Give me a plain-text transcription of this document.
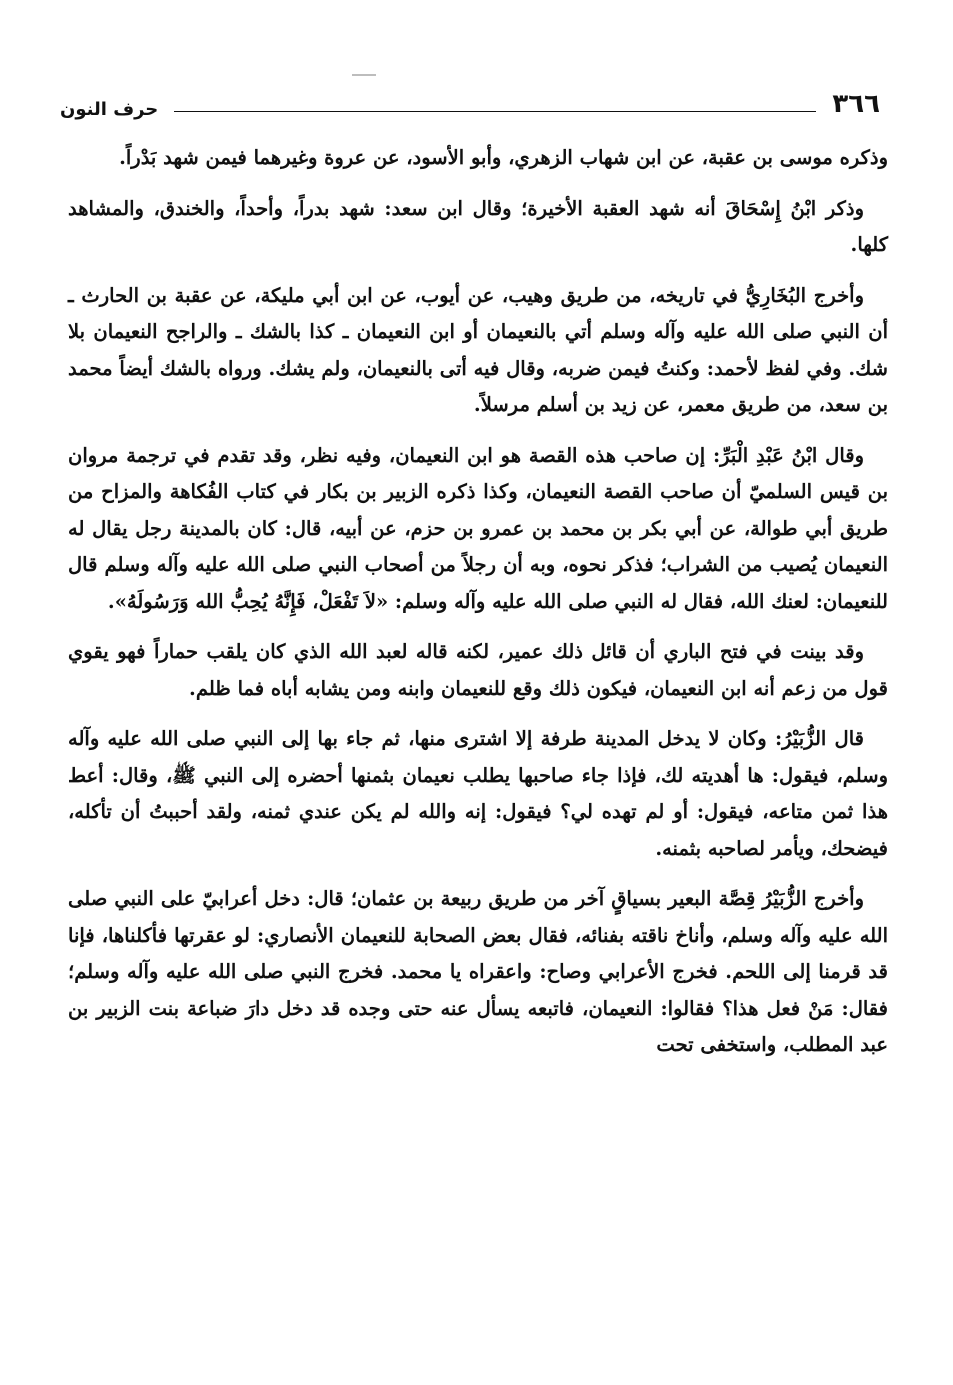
٣٦٦
حرف النون

وذكره موسى بن عقبة، عن ابن شهاب الزهري، وأبو الأسود، عن عروة وغيرهما فيمن شهد بَدْراً.

وذكر ابْنُ إِسْحَاقَ أنه شهد العقبة الأخيرة؛ وقال ابن سعد: شهد بدراً، وأحداً، والخندق، والمشاهد كلها.

وأخرج البُخَارِيُّ في تاريخه، من طريق وهيب، عن أيوب، عن ابن أبي مليكة، عن عقبة بن الحارث ـ أن النبي صلى الله عليه وآله وسلم أتي بالنعيمان أو ابن النعيمان ـ كذا بالشك ـ والراجح النعيمان بلا شك. وفي لفظ لأحمد: وكنتُ فيمن ضربه، وقال فيه أتى بالنعيمان، ولم يشك. ورواه بالشك أيضاً محمد بن سعد، من طريق معمر، عن زيد بن أسلم مرسلاً.

وقال ابْنُ عَبْدِ الْبَرِّ: إن صاحب هذه القصة هو ابن النعيمان، وفيه نظر، وقد تقدم في ترجمة مروان بن قيس السلميّ أن صاحب القصة النعيمان، وكذا ذكره الزبير بن بكار في كتاب الفُكاهة والمزاح من طريق أبي طوالة، عن أبي بكر بن محمد بن عمرو بن حزم، عن أبيه، قال: كان بالمدينة رجل يقال له النعيمان يُصيب من الشراب؛ فذكر نحوه، وبه أن رجلاً من أصحاب النبي صلى الله عليه وآله وسلم قال للنعيمان: لعنك الله، فقال له النبي صلى الله عليه وآله وسلم: «لاَ تَفْعَلْ، فَإِنَّهُ يُحِبُّ الله وَرَسُولَهُ».

وقد بينت في فتح الباري أن قائل ذلك عمير، لكنه قاله لعبد الله الذي كان يلقب حماراً فهو يقوي قول من زعم أنه ابن النعيمان، فيكون ذلك وقع للنعيمان وابنه ومن يشابه أباه فما ظلم.

قال الزُّبَيْرُ: وكان لا يدخل المدينة طرفة إلا اشترى منها، ثم جاء بها إلى النبي صلى الله عليه وآله وسلم، فيقول: ها أهديته لك، فإذا جاء صاحبها يطلب نعيمان بثمنها أحضره إلى النبي ﷺ، وقال: أعط هذا ثمن متاعه، فيقول: أو لم تهده لي؟ فيقول: إنه والله لم يكن عندي ثمنه، ولقد أحببتُ أن تأكله، فيضحك، ويأمر لصاحبه بثمنه.

وأخرج الزُّبَيْرُ قِصَّة البعير بسياقٍ آخر من طريق ربيعة بن عثمان؛ قال: دخل أعرابيّ على النبي صلى الله عليه وآله وسلم، وأناخ ناقته بفنائه، فقال بعض الصحابة للنعيمان الأنصاري: لو عقرتها فأكلناها، فإنا قد قرمنا إلى اللحم. فخرج الأعرابي وصاح: واعقراه يا محمد. فخرج النبي صلى الله عليه وآله وسلم؛ فقال: مَنْ فعل هذا؟ فقالوا: النعيمان، فاتبعه يسأل عنه حتى وجده قد دخل دارَ ضباعة بنت الزبير بن عبد المطلب، واستخفى تحت
